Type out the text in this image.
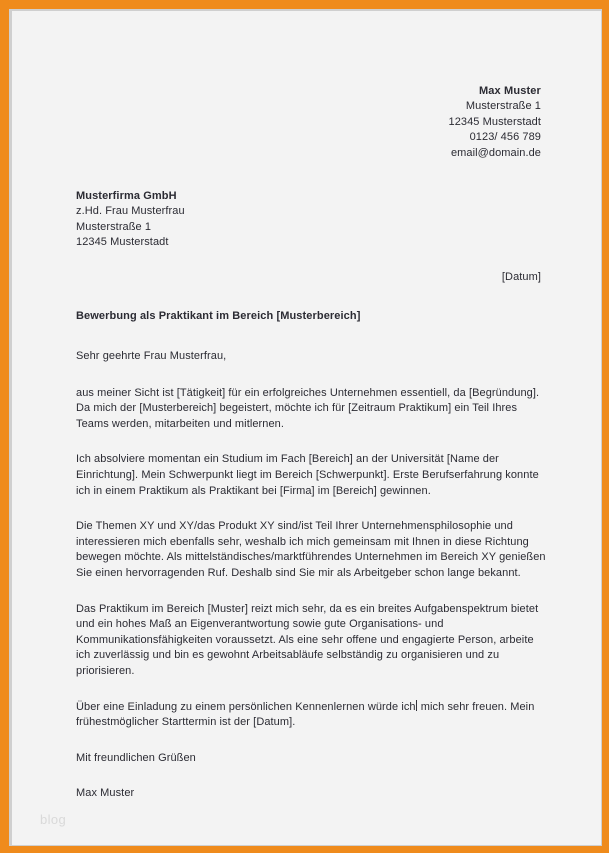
Max Muster
Musterstraße 1
12345 Musterstadt
0123/ 456 789
email@domain.de
Musterfirma GmbH
z.Hd. Frau Musterfrau
Musterstraße 1
12345 Musterstadt
[Datum]
Bewerbung als Praktikant im Bereich [Musterbereich]

Sehr geehrte Frau Musterfrau,

aus meiner Sicht ist [Tätigkeit] für ein erfolgreiches Unternehmen essentiell, da [Begründung]. Da mich der [Musterbereich] begeistert, möchte ich für [Zeitraum Praktikum] ein Teil Ihres Teams werden, mitarbeiten und mitlernen.

Ich absolviere momentan ein Studium im Fach [Bereich] an der Universität [Name der Einrichtung]. Mein Schwerpunkt liegt im Bereich [Schwerpunkt]. Erste Berufserfahrung konnte ich in einem Praktikum als Praktikant bei [Firma] im [Bereich] gewinnen.

Die Themen XY und XY/das Produkt XY sind/ist Teil Ihrer Unternehmensphilosophie und interessieren mich ebenfalls sehr, weshalb ich mich gemeinsam mit Ihnen in diese Richtung bewegen möchte. Als mittelständisches/marktführendes Unternehmen im Bereich XY genießen Sie einen hervorragenden Ruf. Deshalb sind Sie mir als Arbeitgeber schon lange bekannt.

Das Praktikum im Bereich [Muster] reizt mich sehr, da es ein breites Aufgabenspektrum bietet und ein hohes Maß an Eigenverantwortung sowie gute Organisations- und Kommunikationsfähigkeiten voraussetzt. Als eine sehr offene und engagierte Person, arbeite ich zuverlässig und bin es gewohnt Arbeitsabläufe selbständig zu organisieren und zu priorisieren.

Über eine Einladung zu einem persönlichen Kennenlernen würde ich mich sehr freuen. Mein frühestmöglicher Starttermin ist der [Datum].

Mit freundlichen Grüßen

Max Muster

blog
